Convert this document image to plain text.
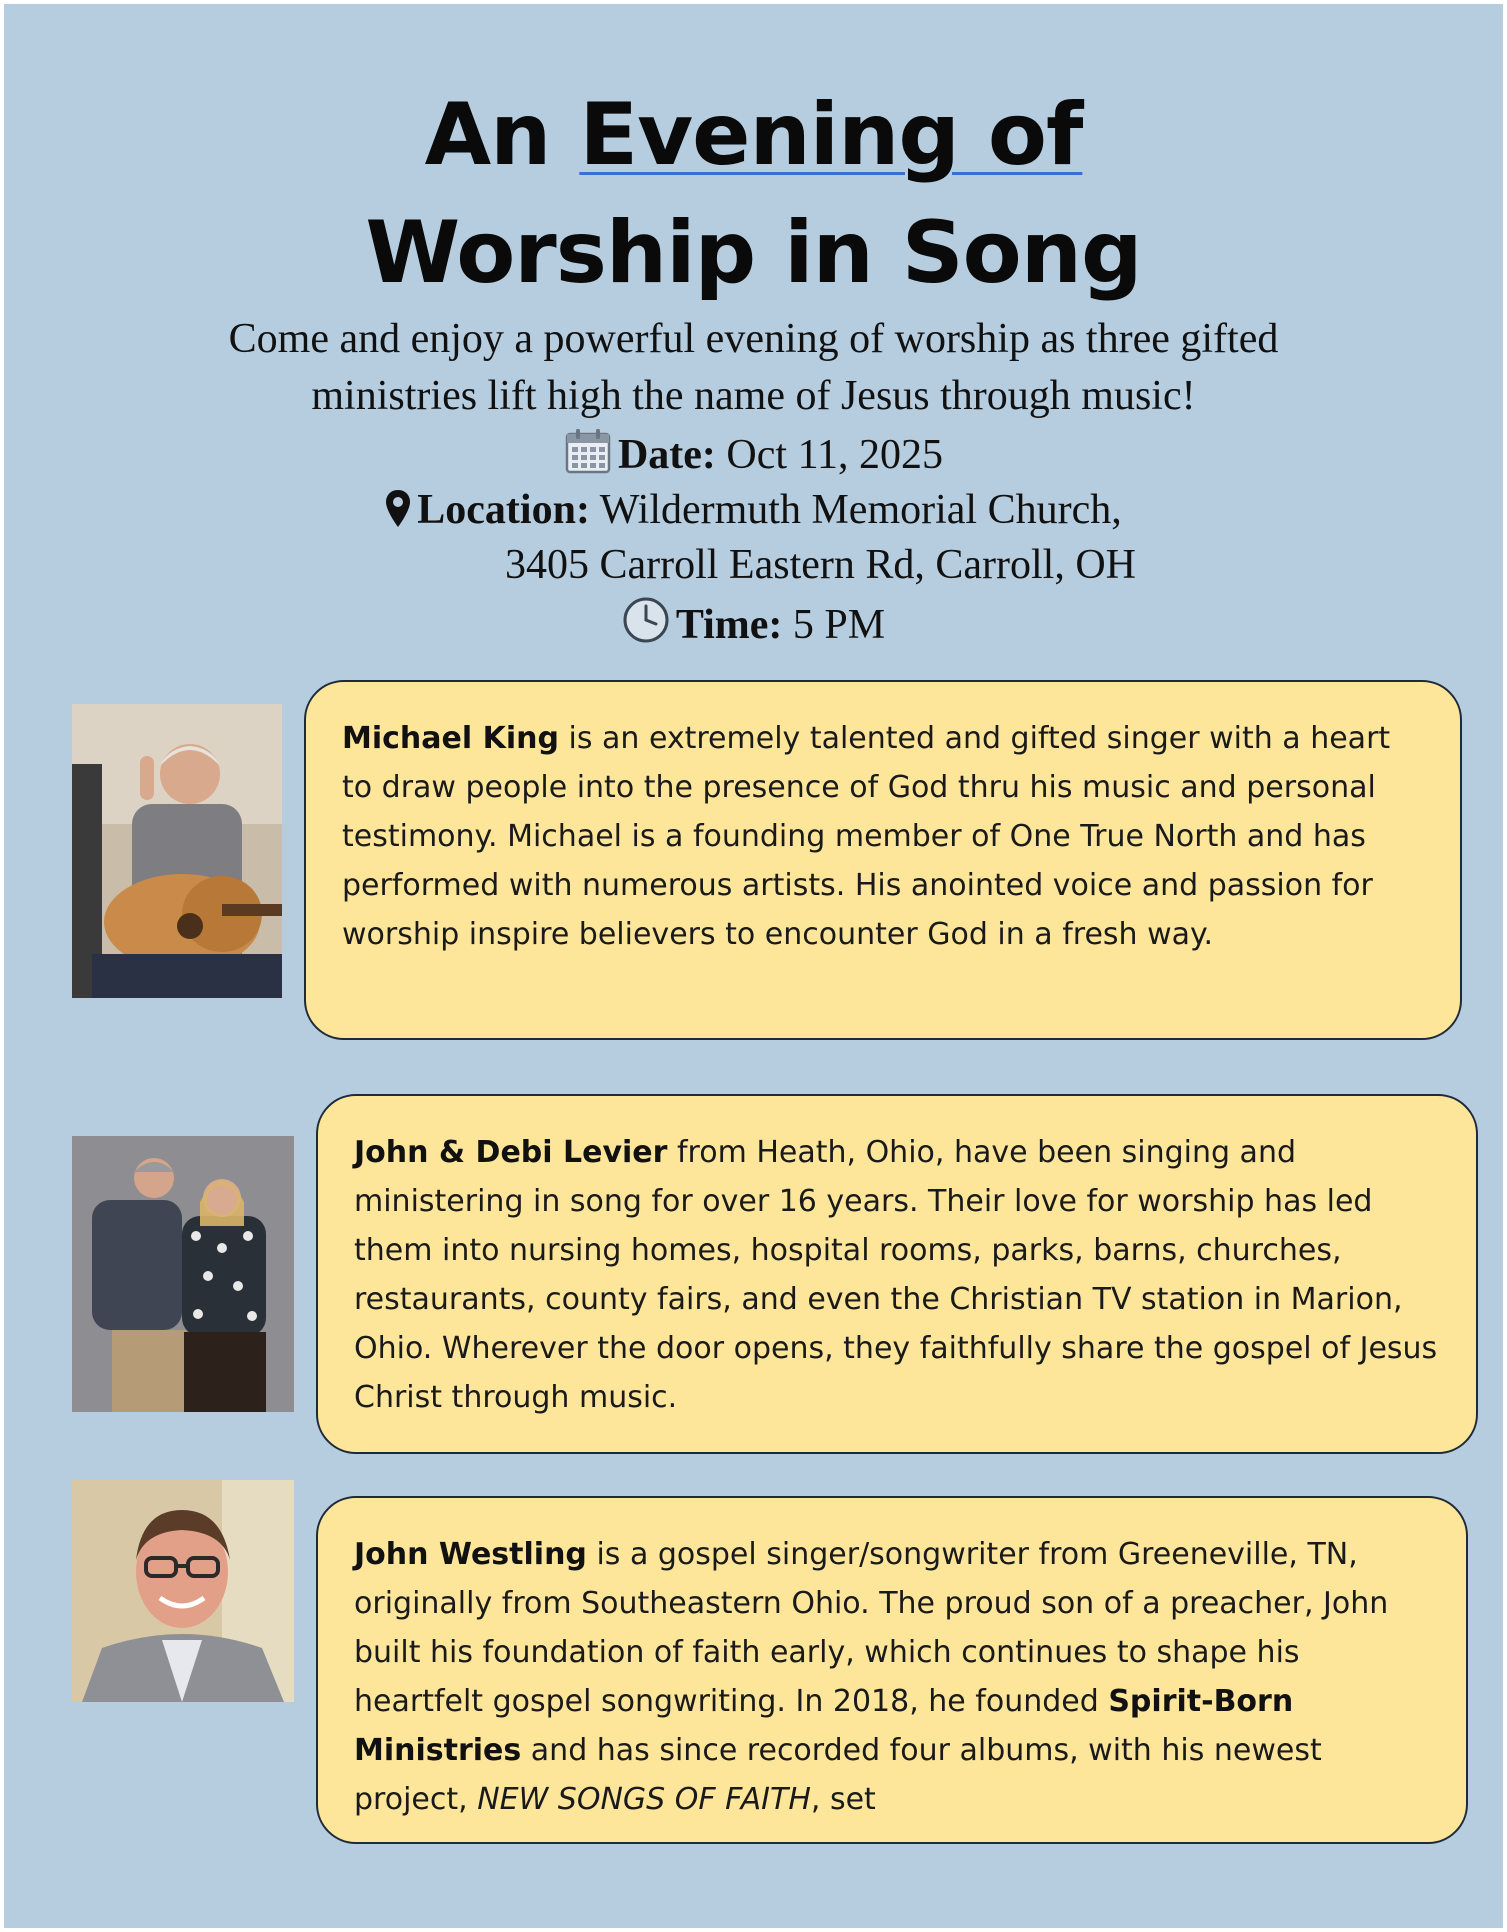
An Evening of
Worship in Song
Come and enjoy a powerful evening of worship as three gifted
ministries lift high the name of Jesus through music!
Date: Oct 11, 2025
Location: Wildermuth Memorial Church,
3405 Carroll Eastern Rd, Carroll, OH
Time: 5 PM

Michael King is an extremely talented and gifted singer with a heart to draw people into the presence of God thru his music and personal testimony. Michael is a founding member of One True North and has performed with numerous artists. His anointed voice and passion for worship inspire believers to encounter God in a fresh way.

John & Debi Levier from Heath, Ohio, have been singing and ministering in song for over 16 years. Their love for worship has led them into nursing homes, hospital rooms, parks, barns, churches, restaurants, county fairs, and even the Christian TV station in Marion, Ohio. Wherever the door opens, they faithfully share the gospel of Jesus Christ through music.

John Westling is a gospel singer/songwriter from Greeneville, TN, originally from Southeastern Ohio. The proud son of a preacher, John built his foundation of faith early, which continues to shape his heartfelt gospel songwriting. In 2018, he founded Spirit-Born Ministries and has since recorded four albums, with his newest project, NEW SONGS OF FAITH, set
